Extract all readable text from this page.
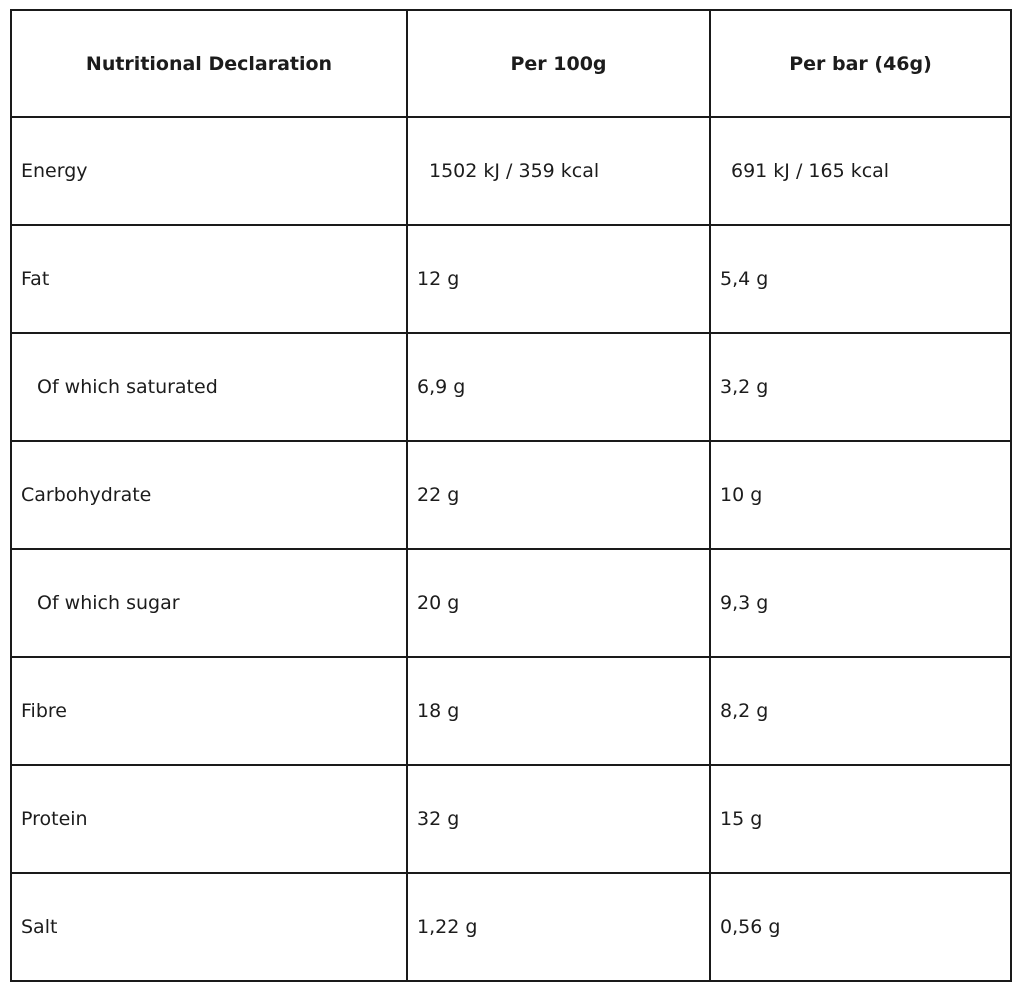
Nutritional Declaration	Per 100g	Per bar (46g)
Energy	1502 kJ / 359 kcal	691 kJ / 165 kcal
Fat	12 g	5,4 g
Of which saturated	6,9 g	3,2 g
Carbohydrate	22 g	10 g
Of which sugar	20 g	9,3 g
Fibre	18 g	8,2 g
Protein	32 g	15 g
Salt	1,22 g	0,56 g
